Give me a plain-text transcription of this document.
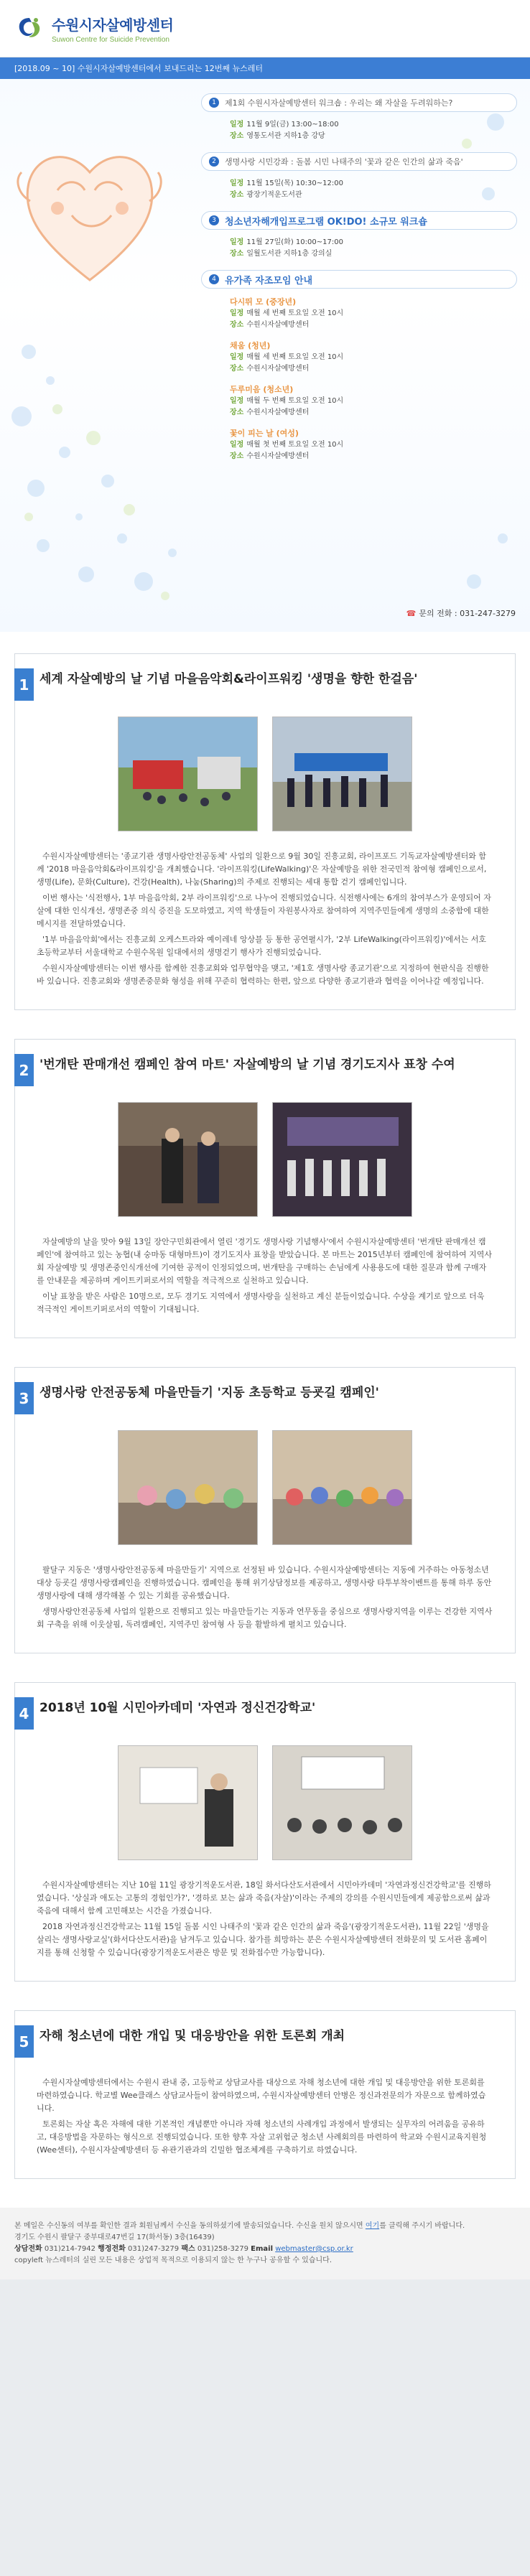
수원시자살예방센터
Suwon Centre for Suicide Prevention
[2018.09 ~ 10] 수원시자살예방센터에서 보내드리는 12번째 뉴스레터
1	제1회 수원시자살예방센터 워크숍 : 우리는 왜 자살을 두려워하는?
일정 11월 9일(금) 13:00~18:00
장소 영통도서관 지하1층 강당
2	생명사랑 시민강좌 : 돌봄 시민 나태주의 '꽃과 같은 인간의 삶과 죽음'
일정 11월 15일(목) 10:30~12:00
장소 광장기적운도서관
3 청소년자해개입프로그램 OK!DO! 소규모 워크숍
일정 11월 27일(화) 10:00~17:00
장소 일월도서관 지하1층 강의실
4 유가족 자조모임 안내
다시뛰 모 (중장년)
일정 매월 세 번째 토요일 오전 10시
장소 수원시자살예방센터
채움 (청년)
일정 매월 세 번째 토요일 오전 10시
장소 수원시자살예방센터
두루미음 (청소년)
일정 매월 두 번째 토요일 오전 10시
장소 수원시자살예방센터
꽃이 피는 날 (여성)
일정 매월 첫 번째 토요일 오전 10시
장소 수원시자살예방센터
☎ 문의 전화 : 031-247-3279
1 세계 자살예방의 날 기념 마을음악회&라이프워킹 '생명을 향한 한걸음'

수원시자살예방센터는 '종교기관 생명사랑안전공동체' 사업의 일환으로 9월 30일 진흥교회, 라이프포드 기독교자살예방센터와 함께 '2018 마을음악회&라이프워킹'을 개최했습니다. '라이프워킹(LifeWalking)'은 자살예방을 위한 전국민적 참여형 캠페인으로서, 생명(Life), 문화(Culture), 건강(Health), 나눔(Sharing)의 주제로 진행되는 세대 통합 걷기 캠페인입니다.

이번 행사는 '식전행사, 1부 마을음악회, 2부 라이프워킹'으로 나누어 진행되었습니다. 식전행사에는 6개의 참여부스가 운영되어 자살에 대한 인식개선, 생명존중 의식 증진을 도모하였고, 지역 학생들이 자원봉사자로 참여하여 지역주민들에게 생명의 소중함에 대한 메시지를 전달하였습니다.

'1부 마을음악회'에서는 진흥교회 오케스트라와 예이레네 앙상블 등 통한 공연펼시가, '2부 LifeWalking(라이프워킹)'에서는 서호초등학교부터 서울대학교 수원수목원 일대에서의 생명걷기 행사가 진행되었습니다.

수원시자살예방센터는 이번 행사를 함께한 진흥교회와 업무협약을 맺고, '제1호 생명사랑 종교기관'으로 지정하여 현판식을 진행한 바 있습니다. 진흥교회와 생명존중문화 형성을 위해 꾸준히 협력하는 한편, 앞으로 다양한 종교기관과 협력을 이어나갈 예정입니다.

2 '번개탄 판매개선 캠페인 참여 마트' 자살예방의 날 기념 경기도지사 표창 수여

자살예방의 날을 맞아 9월 13일 장안구민회관에서 열린 '경기도 생명사랑 기념행사'에서 수원시자살예방센터 '번개탄 판매개선 캠페인'에 참여하고 있는 농협(내 숭마동 대형마트)이 경기도지사 표창을 받았습니다. 본 마트는 2015년부터 캠페인에 참여하여 지역사회 자살예방 및 생명존중인식개선에 기여한 공적이 인정되었으며, 번개탄을 구매하는 손님에게 사용용도에 대한 질문과 함께 구매자를 안내문을 제공하며 게이트키퍼로서의 역할을 적극적으로 실천하고 있습니다.

이날 표창을 받은 사람은 10명으로, 모두 경기도 지역에서 생명사랑을 실천하고 계신 분들이었습니다. 수상을 계기로 앞으로 더욱 적극적인 게이트키퍼로서의 역할이 기대됩니다.

3 생명사랑 안전공동체 마을만들기 '지동 초등학교 등굣길 캠페인'

팔달구 지동은 '생명사랑안전공동체 마을만들기' 지역으로 선정된 바 있습니다. 수원시자살예방센터는 지동에 거주하는 아동청소년 대상 등굣길 생명사랑캠페인을 진행하였습니다. 캠페인을 통해 위기상담정보를 제공하고, 생명사랑 타투부착이벤트를 통해 하루 동안 생명사랑에 대해 생각해볼 수 있는 기회를 공유했습니다.

생명사랑안전공동체 사업의 일환으로 진행되고 있는 마을만들기는 지동과 연무동을 중심으로 생명사랑지역을 이루는 건강한 지역사회 구축을 위해 이웃살핌, 독려캠페인, 지역주민 참여형 사 등을 활발하게 펼치고 있습니다.

4 2018년 10월 시민아카데미 '자연과 정신건강학교'

수원시자살예방센터는 지난 10월 11일 광장기적운도서관, 18일 화서다산도서관에서 시민아카데미 '자연과정신건강학교'를 진행하였습니다. '상실과 애도는 고통의 경험인가?', '경하로 보는 삶과 죽음(자살)'이라는 주제의 강의를 수원시민들에게 제공함으로써 삶과 죽음에 대해서 함께 고민해보는 시간을 가졌습니다.

2018 자연과정신건강학교는 11월 15일 돌봄 시인 나태주의 '꽃과 같은 인간의 삶과 죽음'(광장기적운도서관), 11월 22일 '생명을 살리는 생명사랑교실'(화서다산도서관)을 남겨두고 있습니다. 참가를 희망하는 분은 수원시자살예방센터 전화문의 및 도서관 홈페이지를 통해 신청할 수 있습니다(광장기적운도서관은 방문 및 전화접수만 가능합니다).

5 자해 청소년에 대한 개입 및 대응방안을 위한 토론회 개최

수원시자살예방센터에서는 수원시 관내 중, 고등학교 상담교사를 대상으로 자해 청소년에 대한 개입 및 대응방안을 위한 토론회를 마련하였습니다. 학교별 Wee클래스 상담교사들이 참여하였으며, 수원시자살예방센터 안병은 정신과전문의가 자문으로 함께하였습니다.

토론회는 자살 혹은 자해에 대한 기본적인 개념뿐만 아니라 자해 청소년의 사례개입 과정에서 발생되는 실무자의 어려움을 공유하고, 대응방법을 자문하는 형식으로 진행되었습니다. 또한 향후 자살 고위험군 청소년 사례회의를 마련하여 학교와 수원시교육지원청(Wee센터), 수원시자살예방센터 등 유관기관과의 긴밀한 협조체계를 구축하기로 하였습니다.

본 메일은 수신동의 여부를 확인한 결과 회원님께서 수신을 동의하셨기에 발송되었습니다. 수신을 원치 않으시면 여기를 클릭해 주시기 바랍니다.
경기도 수원시 팔달구 중부대로47번길 17(화서동) 3층(16439)
상담전화 031)214-7942 행정전화 031)247-3279 팩스 031)258-3279 Email webmaster@csp.or.kr
copyleft 뉴스레터의 실린 모든 내용은 상업적 목적으로 이용되지 않는 한 누구나 공유할 수 있습니다.
